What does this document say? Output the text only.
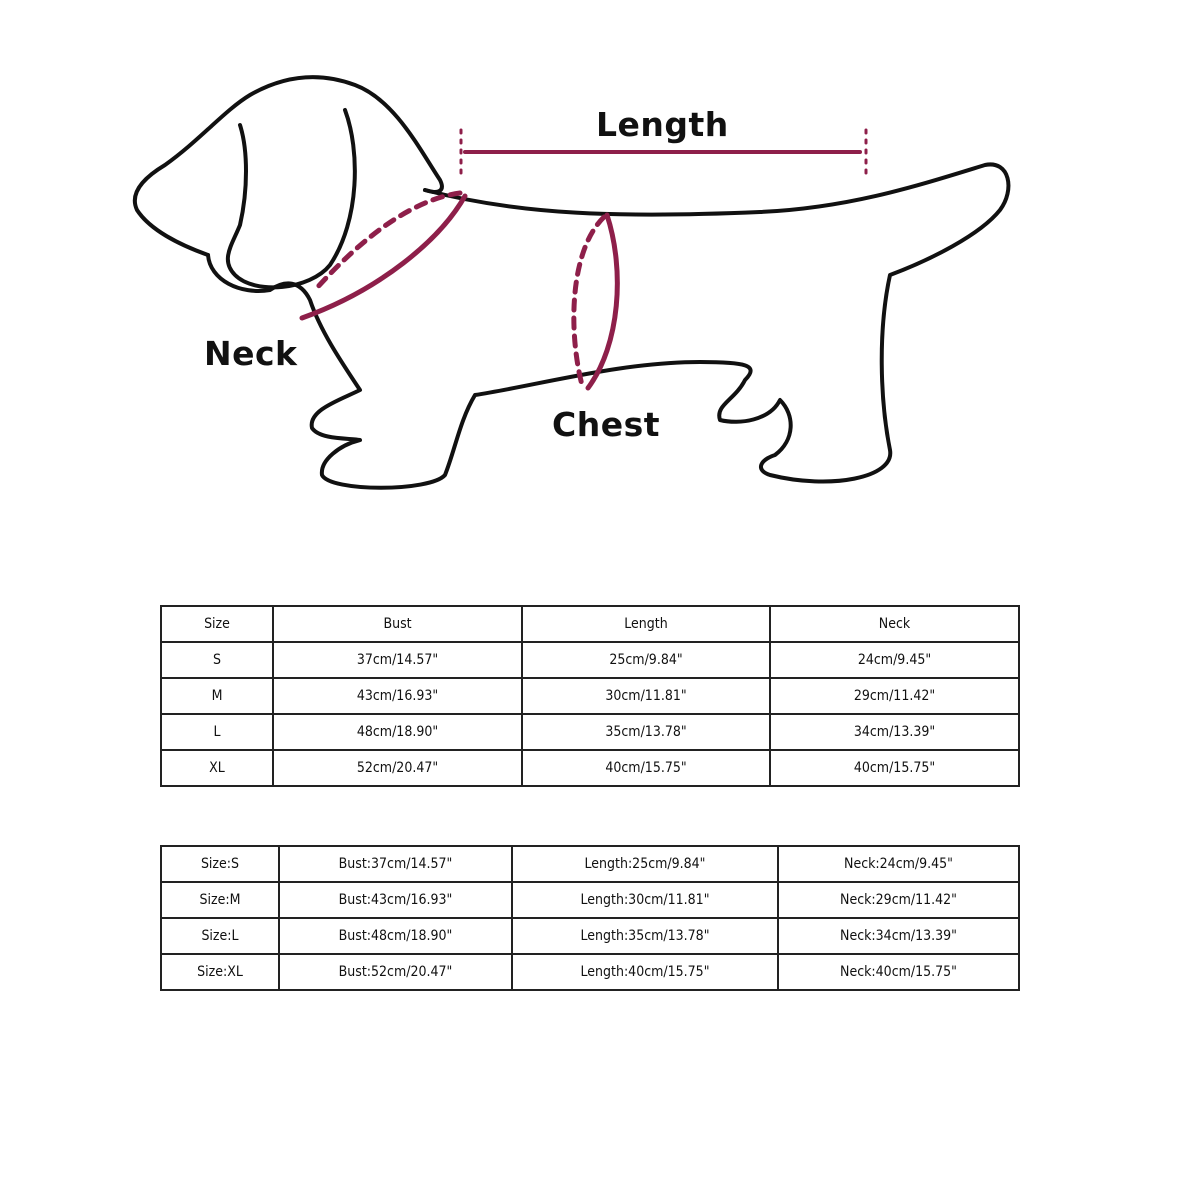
Length
Neck
Chest
Size	Bust	Length	Neck
S	37cm/14.57"	25cm/9.84"	24cm/9.45"
M	43cm/16.93"	30cm/11.81"	29cm/11.42"
L	48cm/18.90"	35cm/13.78"	34cm/13.39"
XL	52cm/20.47"	40cm/15.75"	40cm/15.75"
Size:S	Bust:37cm/14.57"	Length:25cm/9.84"	Neck:24cm/9.45"
Size:M	Bust:43cm/16.93"	Length:30cm/11.81"	Neck:29cm/11.42"
Size:L	Bust:48cm/18.90"	Length:35cm/13.78"	Neck:34cm/13.39"
Size:XL	Bust:52cm/20.47"	Length:40cm/15.75"	Neck:40cm/15.75"
